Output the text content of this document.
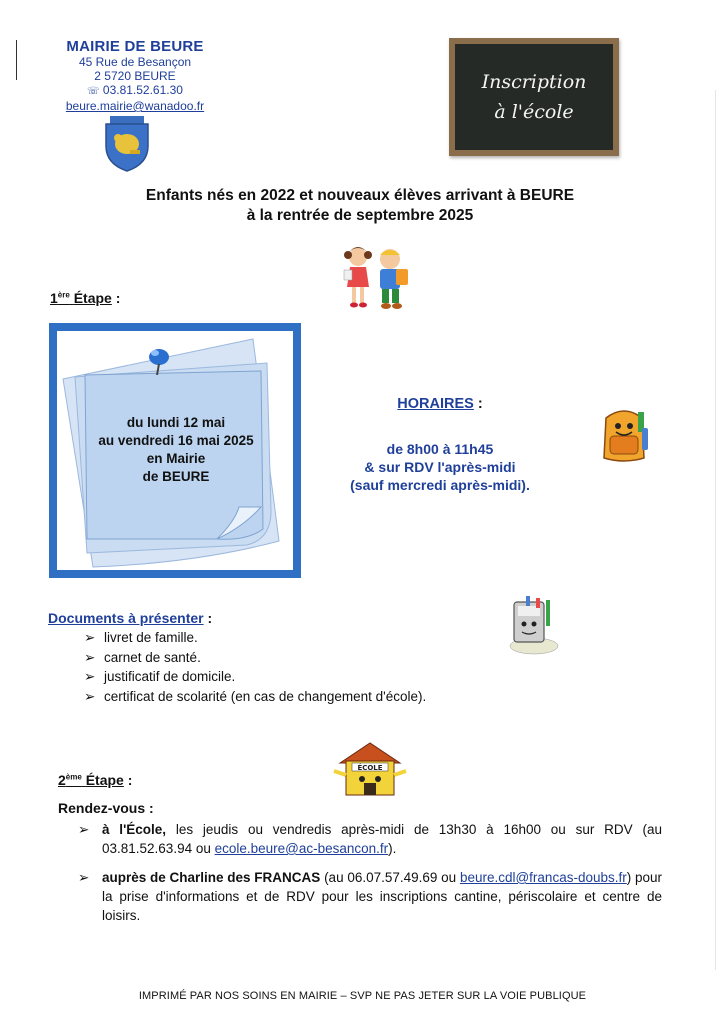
MAIRIE DE BEURE
45 Rue de Besançon
2 5720 BEURE
☏ 03.81.52.61.30
beure.mairie@wanadoo.fr
Inscription
à l'école
Enfants nés en 2022 et nouveaux élèves arrivant à BEURE
à la rentrée de septembre 2025
1ère Étape :
du lundi 12 mai
au vendredi 16 mai 2025
en Mairie
de BEURE
HORAIRES :
de 8h00 à 11h45
& sur RDV l'après-midi
(sauf mercredi après-midi).
Documents à présenter :
➢ livret de famille.
➢ carnet de santé.
➢ justificatif de domicile.
➢ certificat de scolarité (en cas de changement d'école).
ÉCOLE
2ème Étape :
Rendez-vous :
➢ à l'École, les jeudis ou vendredis après-midi de 13h30 à 16h00 ou sur RDV (au 03.81.52.63.94 ou ecole.beure@ac-besancon.fr).
➢ auprès de Charline des FRANCAS (au 06.07.57.49.69 ou beure.cdl@francas-doubs.fr) pour la prise d'informations et de RDV pour les inscriptions cantine, périscolaire et centre de loisirs.
IMPRIMÉ PAR NOS SOINS EN MAIRIE – SVP NE PAS JETER SUR LA VOIE PUBLIQUE
